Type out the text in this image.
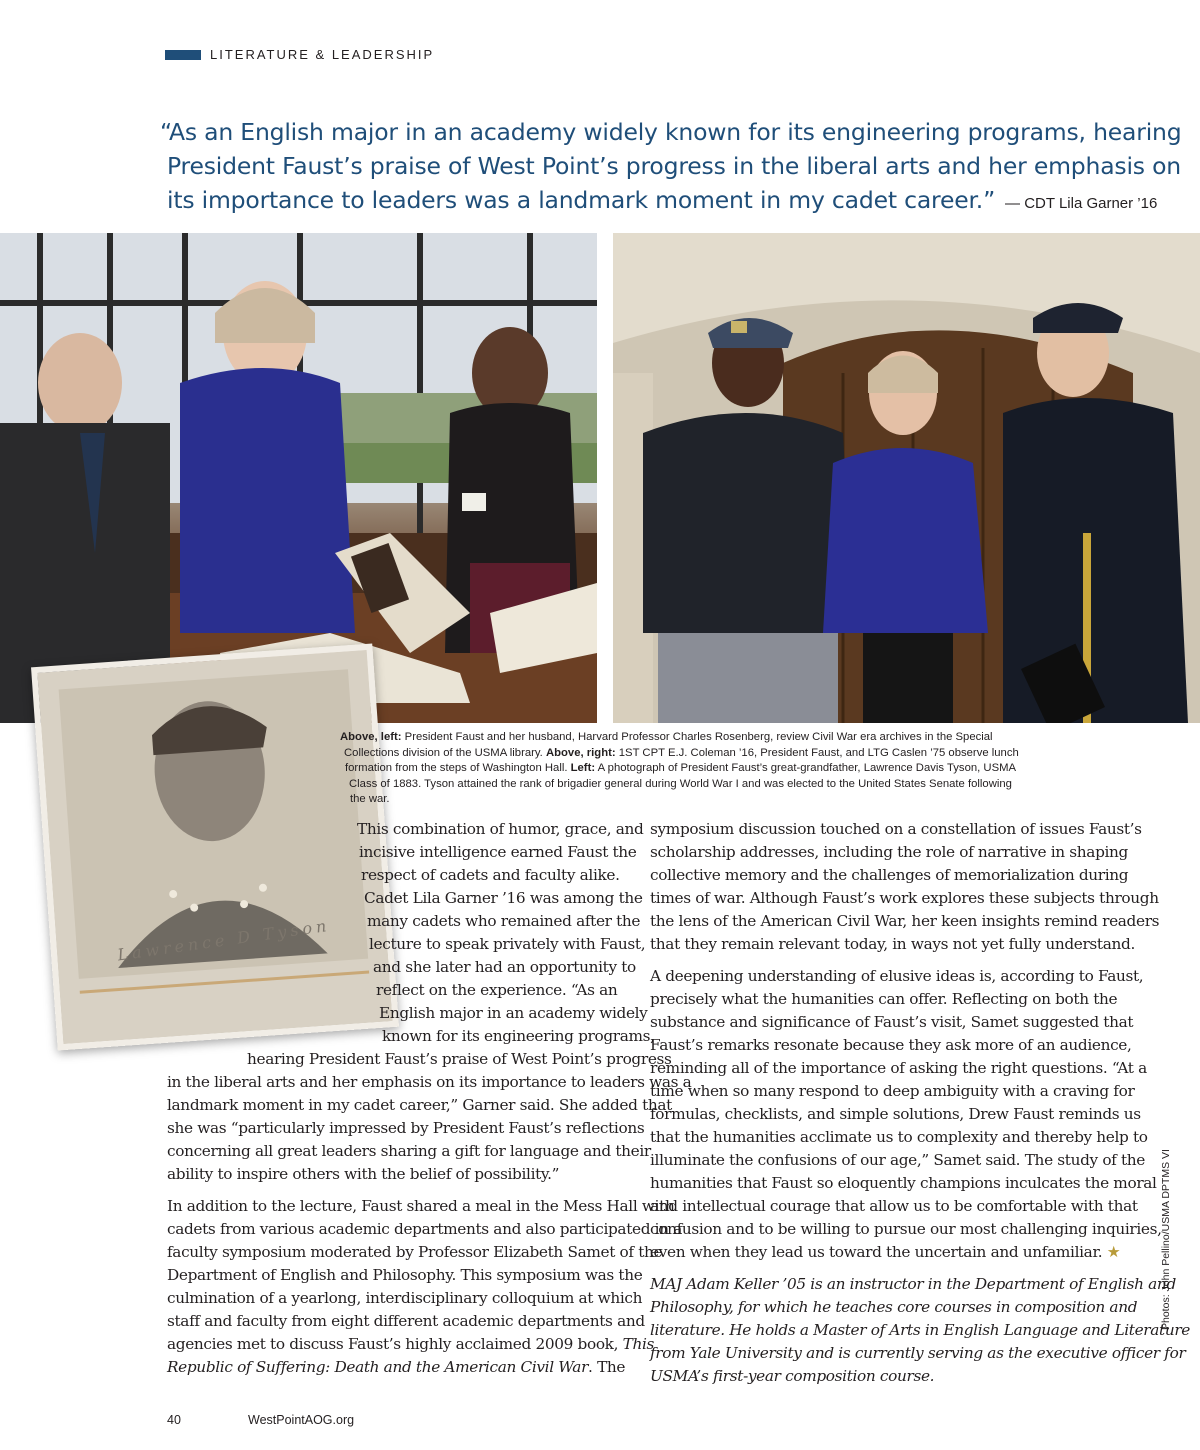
LITERATURE & LEADERSHIP
“As an English major in an academy widely known for its engineering programs, hearing
President Faust’s praise of West Point’s progress in the liberal arts and her emphasis on
its importance to leaders was a landmark moment in my cadet career.” — CDT Lila Garner ’16
Lawrence D Tyson
Above, left: President Faust and her husband, Harvard Professor Charles Rosenberg, review Civil War era archives in the Special
Collections division of the USMA library. Above, right: 1ST CPT E.J. Coleman ’16, President Faust, and LTG Caslen ’75 observe lunch
formation from the steps of Washington Hall. Left: A photograph of President Faust’s great-grandfather, Lawrence Davis Tyson, USMA
Class of 1883. Tyson attained the rank of brigadier general during World War I and was elected to the United States Senate following
the war.
This combination of humor, grace, and
incisive intelligence earned Faust the
respect of cadets and faculty alike.
Cadet Lila Garner ’16 was among the
many cadets who remained after the
lecture to speak privately with Faust,
and she later had an opportunity to
reflect on the experience. “As an
English major in an academy widely
known for its engineering programs,
hearing President Faust’s praise of West Point’s progress
in the liberal arts and her emphasis on its importance to leaders was a
landmark moment in my cadet career,” Garner said. She added that
she was “particularly impressed by President Faust’s reflections
concerning all great leaders sharing a gift for language and their
ability to inspire others with the belief of possibility.”
In addition to the lecture, Faust shared a meal in the Mess Hall with
cadets from various academic departments and also participated in a
faculty symposium moderated by Professor Elizabeth Samet of the
Department of English and Philosophy. This symposium was the
culmination of a yearlong, interdisciplinary colloquium at which
staff and faculty from eight different academic departments and
agencies met to discuss Faust’s highly acclaimed 2009 book, This
Republic of Suffering: Death and the American Civil War. The
symposium discussion touched on a constellation of issues Faust’s
scholarship addresses, including the role of narrative in shaping
collective memory and the challenges of memorialization during
times of war. Although Faust’s work explores these subjects through
the lens of the American Civil War, her keen insights remind readers
that they remain relevant today, in ways not yet fully understand.
A deepening understanding of elusive ideas is, according to Faust,
precisely what the humanities can offer. Reflecting on both the
substance and significance of Faust’s visit, Samet suggested that
Faust’s remarks resonate because they ask more of an audience,
reminding all of the importance of asking the right questions. “At a
time when so many respond to deep ambiguity with a craving for
formulas, checklists, and simple solutions, Drew Faust reminds us
that the humanities acclimate us to complexity and thereby help to
illuminate the confusions of our age,” Samet said. The study of the
humanities that Faust so eloquently champions inculcates the moral
and intellectual courage that allow us to be comfortable with that
confusion and to be willing to pursue our most challenging inquiries,
even when they lead us toward the uncertain and unfamiliar. ★
MAJ Adam Keller ’05 is an instructor in the Department of English and
Philosophy, for which he teaches core courses in composition and
literature. He holds a Master of Arts in English Language and Literature
from Yale University and is currently serving as the executive officer for
USMA’s first-year composition course.
Photos: John Pellino/USMA DPTMS VI
40	WestPointAOG.org
